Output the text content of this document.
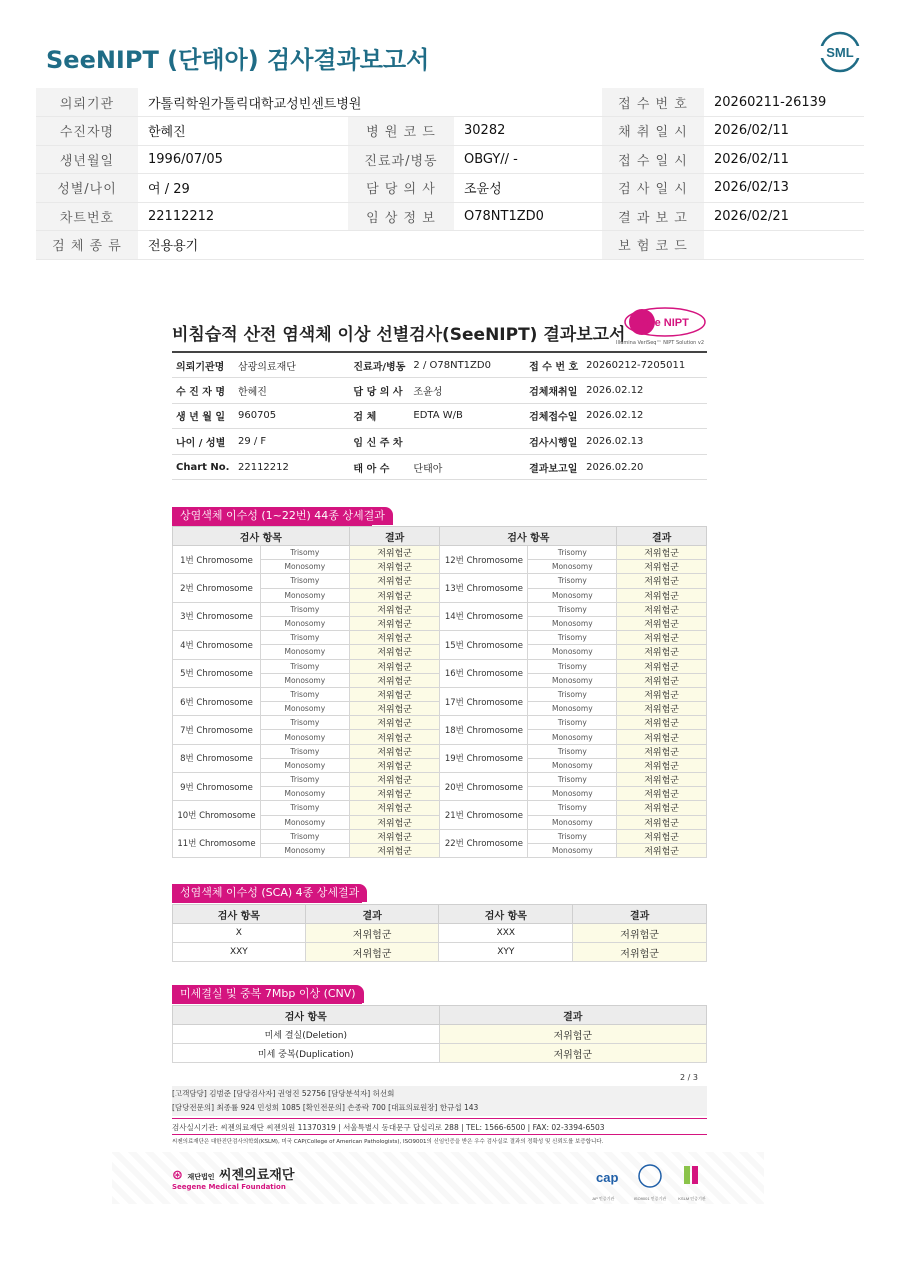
SeeNIPT (단태아) 검사결과보고서	SML
의뢰기관	가톨릭학원가톨릭대학교성빈센트병원			접 수 번 호	20260211-26139
수진자명	한혜진	병 원 코 드	30282	채 취 일 시	2026/02/11
생년월일	1996/07/05	진료과/병동	OBGY// -	접 수 일 시	2026/02/11
성별/나이	여 / 29	담 당 의 사	조윤성	검 사 일 시	2026/02/13
차트번호	22112212	임 상 정 보	O78NT1ZD0	결 과 보 고	2026/02/21
검 체 종 류	전용용기			보 험 코 드	
비침습적 산전 염색체 이상 선별검사(SeeNIPT) 결과보고서
See NIPT
Illumina VeriSeq™ NIPT Solution v2
의뢰기관명	삼광의료재단	진료과/병동	2 / O78NT1ZD0	접 수 번 호	20260212-7205011
수 진 자 명	한혜진	담 당 의 사	조윤성	검체채취일	2026.02.12
생 년 월 일	960705	검 체	EDTA W/B	검체접수일	2026.02.12
나이 / 성별	29 / F	임 신 주 차		검사시행일	2026.02.13
Chart No.	22112212	태 아 수	단태아	결과보고일	2026.02.20
상염색체 이수성 (1~22번) 44종 상세결과
검사 항목		결과	검사 항목		결과
1번 Chromosome	Trisomy	저위험군	12번 Chromosome	Trisomy	저위험군
	Monosomy	저위험군		Monosomy	저위험군
2번 Chromosome	Trisomy	저위험군	13번 Chromosome	Trisomy	저위험군
	Monosomy	저위험군		Monosomy	저위험군
3번 Chromosome	Trisomy	저위험군	14번 Chromosome	Trisomy	저위험군
	Monosomy	저위험군		Monosomy	저위험군
4번 Chromosome	Trisomy	저위험군	15번 Chromosome	Trisomy	저위험군
	Monosomy	저위험군		Monosomy	저위험군
5번 Chromosome	Trisomy	저위험군	16번 Chromosome	Trisomy	저위험군
	Monosomy	저위험군		Monosomy	저위험군
6번 Chromosome	Trisomy	저위험군	17번 Chromosome	Trisomy	저위험군
	Monosomy	저위험군		Monosomy	저위험군
7번 Chromosome	Trisomy	저위험군	18번 Chromosome	Trisomy	저위험군
	Monosomy	저위험군		Monosomy	저위험군
8번 Chromosome	Trisomy	저위험군	19번 Chromosome	Trisomy	저위험군
	Monosomy	저위험군		Monosomy	저위험군
9번 Chromosome	Trisomy	저위험군	20번 Chromosome	Trisomy	저위험군
	Monosomy	저위험군		Monosomy	저위험군
10번 Chromosome	Trisomy	저위험군	21번 Chromosome	Trisomy	저위험군
	Monosomy	저위험군		Monosomy	저위험군
11번 Chromosome	Trisomy	저위험군	22번 Chromosome	Trisomy	저위험군
	Monosomy	저위험군		Monosomy	저위험군
성염색체 이수성 (SCA) 4종 상세결과
검사 항목	결과	검사 항목	결과
X	저위험군	XXX	저위험군
XXY	저위험군	XYY	저위험군
미세결실 및 중복 7Mbp 이상 (CNV)
검사 항목	결과
미세 결실(Deletion)	저위험군
미세 중복(Duplication)	저위험군
2 / 3
[고객담당] 김범준 [담당검사자] 권영진 52756 [담당분석자] 허선회
[담당전문의] 최종률 924 민성희 1085 [확인전문의] 손종락 700 [대표의료원장] 한규섭 143
검사실시기관: 씨젠의료재단 씨젠의원 11370319 | 서울특별시 동대문구 답십리로 288 | TEL: 1566-6500 | FAX: 02-3394-6503
씨젠의료재단은 대한진단검사의학회(KSLM), 미국 CAP(College of American Pathologists), ISO9001의 신임인증을 받은 우수 검사실로 결과의 정확성 및 신뢰도를 보증합니다.
⊛ 재단법인 씨젠의료재단
Seegene Medical Foundation
cap
CAP 인증기관	ISO9001 인증기관	KSLM 인증기관
